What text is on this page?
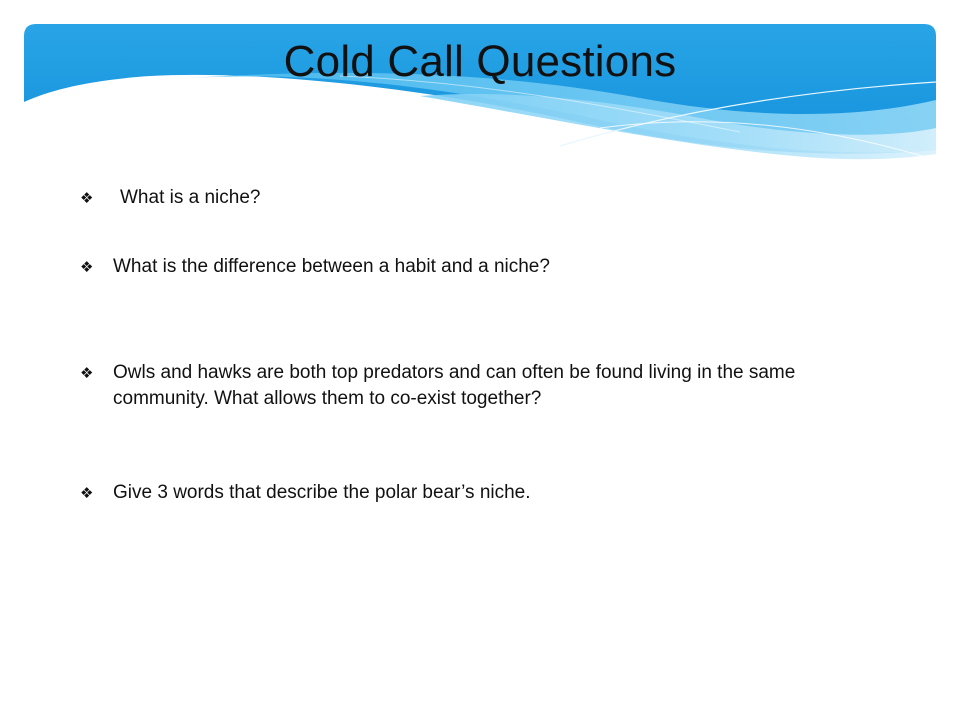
Cold Call Questions
❖ What is a niche?
❖ What is the difference between a habit and a niche?
❖ Owls and hawks are both top predators and can often be found living in the same community. What allows them to co-exist together?
❖ Give 3 words that describe the polar bear’s niche.
